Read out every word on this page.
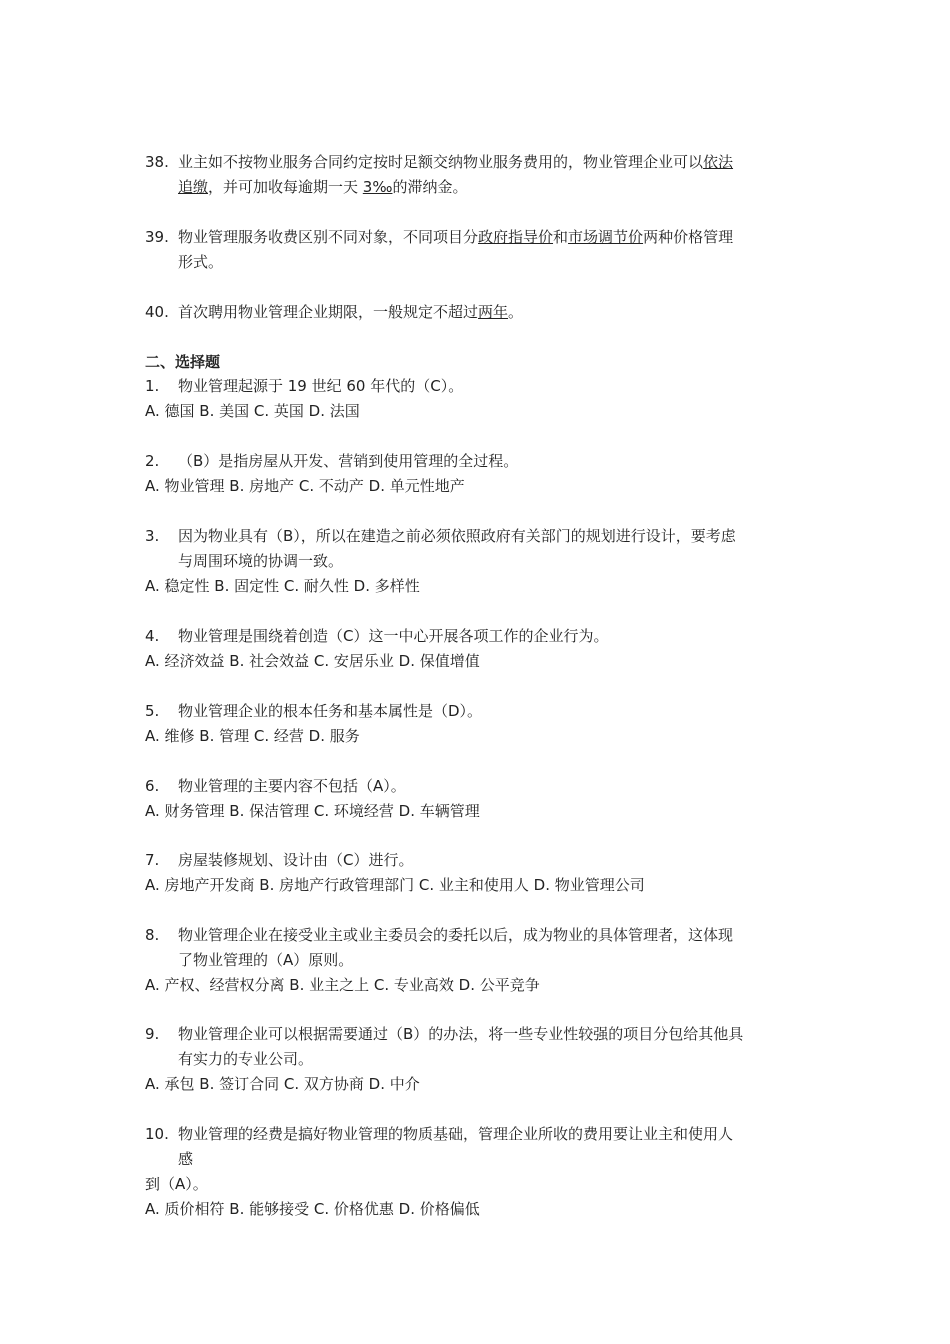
38. 业主如不按物业服务合同约定按时足额交纳物业服务费用的，物业管理企业可以依法
追缴，并可加收每逾期一天 3‰的滞纳金。
39. 物业管理服务收费区别不同对象，不同项目分政府指导价和市场调节价两种价格管理
形式。
40. 首次聘用物业管理企业期限，一般规定不超过两年。
二、选择题
1. 物业管理起源于 19 世纪 60 年代的（C）。
A. 德国 B. 美国 C. 英国 D. 法国
2. （B）是指房屋从开发、营销到使用管理的全过程。
A. 物业管理 B. 房地产 C. 不动产 D. 单元性地产
3. 因为物业具有（B），所以在建造之前必须依照政府有关部门的规划进行设计，要考虑
与周围环境的协调一致。
A. 稳定性 B. 固定性 C. 耐久性 D. 多样性
4. 物业管理是围绕着创造（C）这一中心开展各项工作的企业行为。
A. 经济效益 B. 社会效益 C. 安居乐业 D. 保值增值
5. 物业管理企业的根本任务和基本属性是（D）。
A. 维修 B. 管理 C. 经营 D. 服务
6. 物业管理的主要内容不包括（A）。
A. 财务管理 B. 保洁管理 C. 环境经营 D. 车辆管理
7. 房屋装修规划、设计由（C）进行。
A. 房地产开发商 B. 房地产行政管理部门 C. 业主和使用人 D. 物业管理公司
8. 物业管理企业在接受业主或业主委员会的委托以后，成为物业的具体管理者，这体现
了物业管理的（A）原则。
A. 产权、经营权分离 B. 业主之上 C. 专业高效 D. 公平竞争
9. 物业管理企业可以根据需要通过（B）的办法，将一些专业性较强的项目分包给其他具
有实力的专业公司。
A. 承包 B. 签订合同 C. 双方协商 D. 中介
10. 物业管理的经费是搞好物业管理的物质基础，管理企业所收的费用要让业主和使用人
感
到（A）。
A. 质价相符 B. 能够接受 C. 价格优惠 D. 价格偏低
